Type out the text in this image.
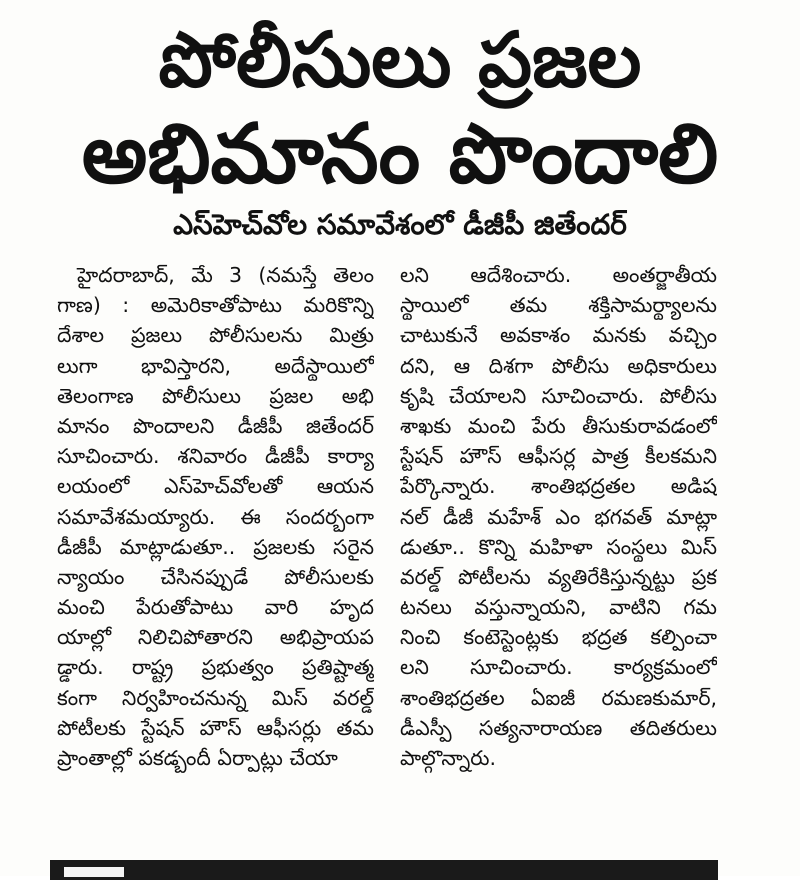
పోలీసులు ప్రజల
అభిమానం పొందాలి
ఎస్‌హెచ్‌వోల సమావేశంలో డీజీపీ జితేందర్
హైదరాబాద్, మే 3 (నమస్తే తెలం
గాణ) : అమెరికాతోపాటు మరికొన్ని
దేశాల ప్రజలు పోలీసులను మిత్రు
లుగా భావిస్తారని, అదేస్థాయిలో
తెలంగాణ పోలీసులు ప్రజల అభి
మానం పొందాలని డీజీపీ జితేందర్
సూచించారు. శనివారం డీజీపీ కార్యా
లయంలో ఎస్‌హెచ్‌వోలతో ఆయన
సమావేశమయ్యారు. ఈ సందర్భంగా
డీజీపీ మాట్లాడుతూ.. ప్రజలకు సరైన
న్యాయం చేసినప్పుడే పోలీసులకు
మంచి పేరుతోపాటు వారి హృద
యాల్లో నిలిచిపోతారని అభిప్రాయప
డ్డారు. రాష్ట్ర ప్రభుత్వం ప్రతిష్టాత్మ
కంగా నిర్వహించనున్న మిస్ వరల్డ్
పోటీలకు స్టేషన్ హౌస్ ఆఫీసర్లు తమ
ప్రాంతాల్లో పకడ్బందీ ఏర్పాట్లు చేయా
లని ఆదేశించారు. అంతర్జాతీయ
స్థాయిలో తమ శక్తిసామర్థ్యాలను
చాటుకునే అవకాశం మనకు వచ్చిం
దని, ఆ దిశగా పోలీసు అధికారులు
కృషి చేయాలని సూచించారు. పోలీసు
శాఖకు మంచి పేరు తీసుకురావడంలో
స్టేషన్ హౌస్ ఆఫీసర్ల పాత్ర కీలకమని
పేర్కొన్నారు. శాంతిభద్రతల అడిష
నల్ డీజీ మహేశ్ ఎం భగవత్ మాట్లా
డుతూ.. కొన్ని మహిళా సంస్థలు మిస్
వరల్డ్ పోటీలను వ్యతిరేకిస్తున్నట్టు ప్రక
టనలు వస్తున్నాయని, వాటిని గమ
నించి కంటెస్టెంట్లకు భద్రత కల్పించా
లని సూచించారు. కార్యక్రమంలో
శాంతిభద్రతల ఏఐజీ రమణకుమార్,
డీఎస్పీ సత్యనారాయణ తదితరులు
పాల్గొన్నారు.
